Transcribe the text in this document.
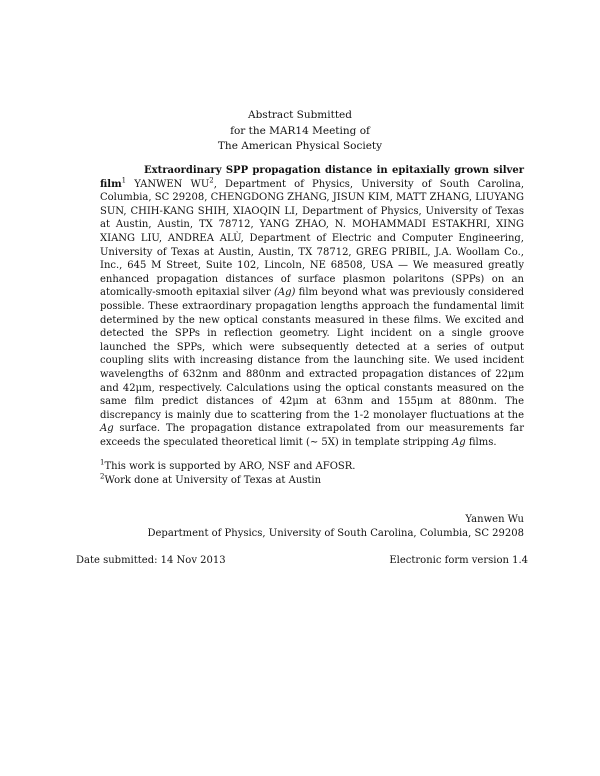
Abstract Submitted
for the MAR14 Meeting of
The American Physical Society
Extraordinary SPP propagation distance in epitaxially grown silver film$^1$ YANWEN $WU^2$, Department of Physics, University of South Carolina, Columbia, SC 29208, CHENGDONG ZHANG, JISUN KIM, MATT ZHANG, LIUYANG SUN, CHIH-KANG SHIH, XIAOQIN LI, Department of Physics, University of Texas at Austin, Austin, TX 78712, YANG ZHAO, N. MOHAMMADI ESTAKHRI, XING XIANG LIU, ANDREA ALÙ, Department of Electric and Computer Engineering, University of Texas at Austin, Austin, TX 78712, GREG PRIBIL, J.A. Woollam Co., Inc., 645 M Street, Suite 102, Lincoln, NE 68508, USA — We measured greatly enhanced propagation distances of surface plasmon polaritons (SPPs) on an atomically-smooth epitaxial silver (Ag) film beyond what was previously considered possible. These extraordinary propagation lengths approach the fundamental limit determined by the new optical constants measured in these films. We excited and detected the SPPs in reflection geometry. Light incident on a single groove launched the SPPs, which were subsequently detected at a series of output coupling slits with increasing distance from the launching site. We used incident wavelengths of 632nm and 880nm and extracted propagation distances of 22μm and 42μm, respectively. Calculations using the optical constants measured on the same film predict distances of 42μm at 63nm and 155μm at 880nm. The discrepancy is mainly due to scattering from the 1-2 monolayer fluctuations at the Ag surface. The propagation distance extrapolated from our measurements far exceeds the speculated theoretical limit (∼ 5X) in template stripping Ag films.
$^1$This work is supported by ARO, NSF and AFOSR.
$^2$Work done at University of Texas at Austin
Yanwen Wu
Department of Physics, University of South Carolina, Columbia, SC 29208
Date submitted: 14 Nov 2013	Electronic form version 1.4
